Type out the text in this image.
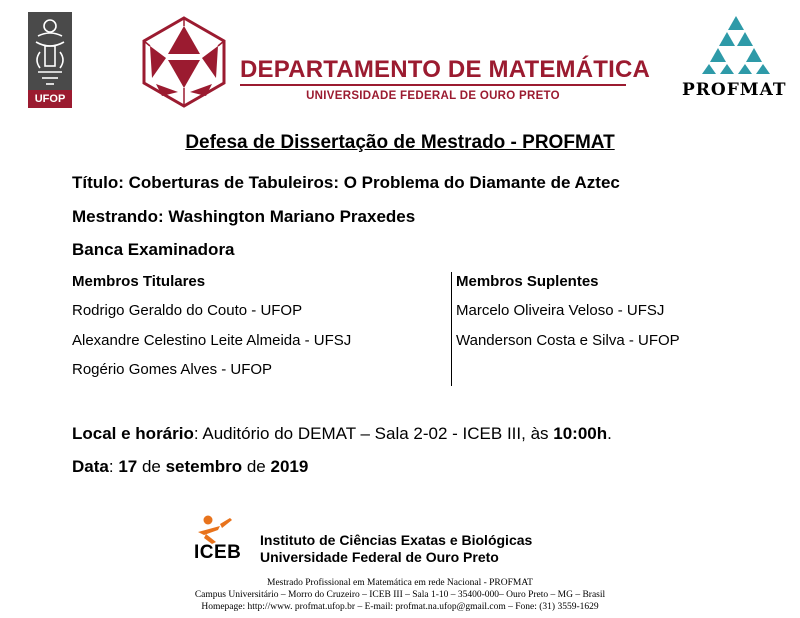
UFOP
DEPARTAMENTO DE MATEMÁTICA
UNIVERSIDADE FEDERAL DE OURO PRETO	PROFMAT
Defesa de Dissertação de Mestrado - PROFMAT
Título: Coberturas de Tabuleiros: O Problema do Diamante de Aztec
Mestrando: Washington Mariano Praxedes
Banca Examinadora
Membros Titulares
Rodrigo Geraldo do Couto - UFOP
Alexandre Celestino Leite Almeida - UFSJ
Rogério Gomes Alves - UFOP
Membros Suplentes
Marcelo Oliveira Veloso - UFSJ
Wanderson Costa e Silva - UFOP
Local e horário: Auditório do DEMAT – Sala 2-02 - ICEB III, às 10:00h.
Data: 17 de setembro de 2019
ICEB
Instituto de Ciências Exatas e Biológicas
Universidade Federal de Ouro Preto
Mestrado Profissional em Matemática em rede Nacional - PROFMAT
Campus Universitário – Morro do Cruzeiro – ICEB III – Sala 1-10 – 35400-000– Ouro Preto – MG – Brasil
Homepage: http://www. profmat.ufop.br – E-mail: profmat.na.ufop@gmail.com – Fone: (31) 3559-1629
